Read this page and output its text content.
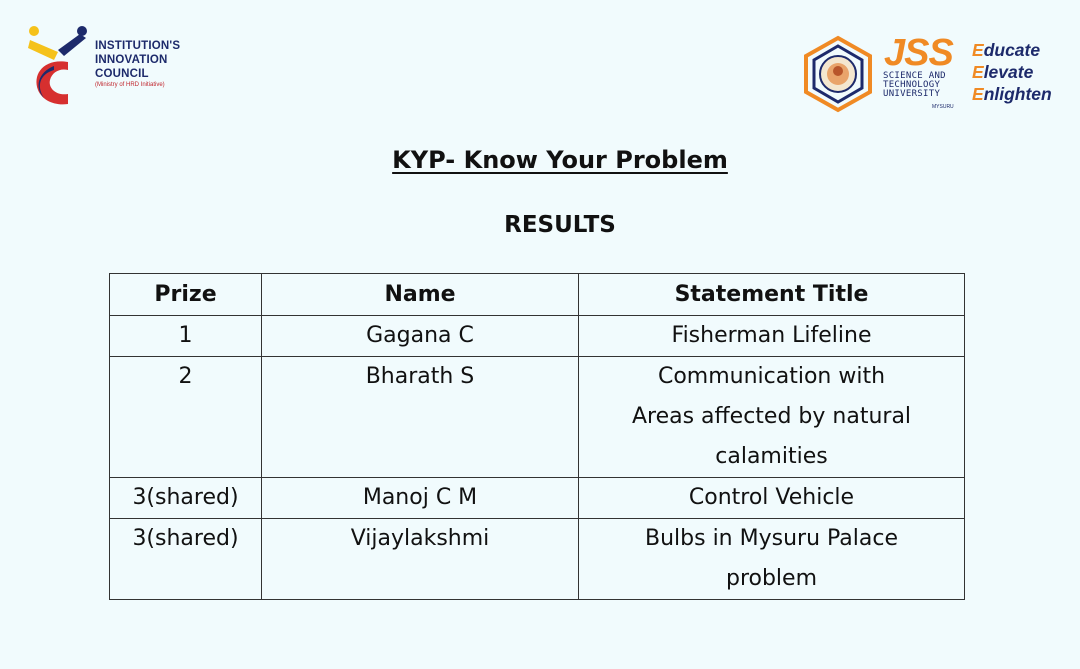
INSTITUTION'S
INNOVATION
COUNCIL
(Ministry of HRD Initiative)
JSS
SCIENCE AND
TECHNOLOGY
UNIVERSITY
MYSURU
Educate
Elevate
Enlighten
KYP- Know Your Problem
RESULTS
Prize	Name	Statement Title
1	Gagana C	Fisherman Lifeline

2	Bharath S	Communication with
Areas affected by natural
calamities

3(shared)	Manoj C M	Control Vehicle

3(shared)	Vijaylakshmi	Bulbs in Mysuru Palace
problem
